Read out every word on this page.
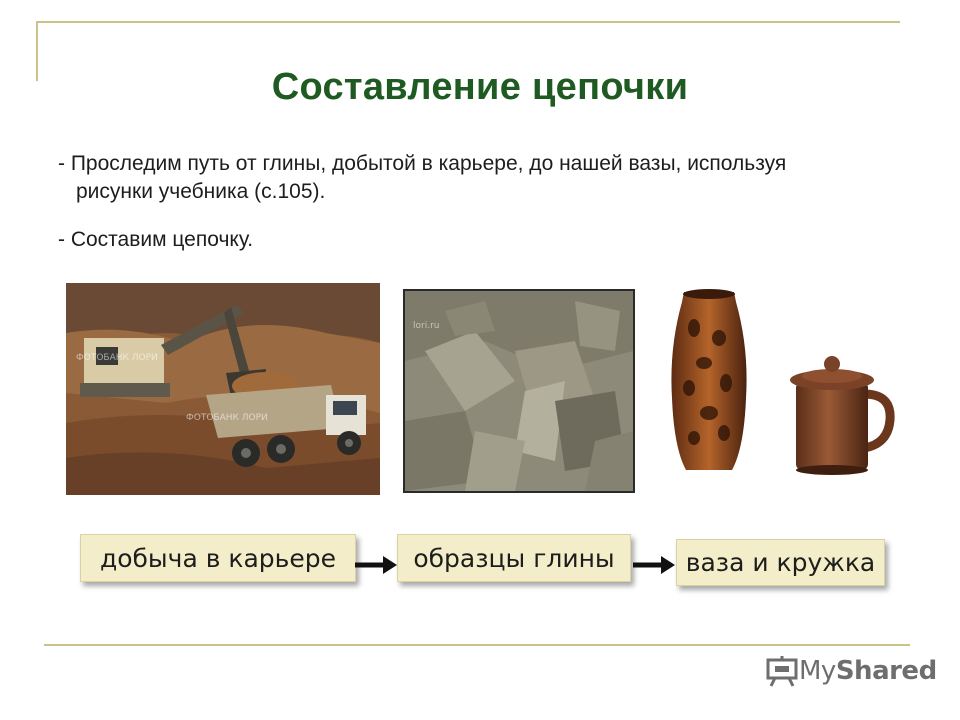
Составление цепочки
- Проследим путь от глины, добытой в карьере, до нашей вазы, используя
рисунки учебника (с.105).
- Составим цепочку.
ФОТОБАНК ЛОРИ
ФОТОБАНК ЛОРИ
lori.ru
добыча в карьере	образцы глины	ваза и кружка
MyShared
